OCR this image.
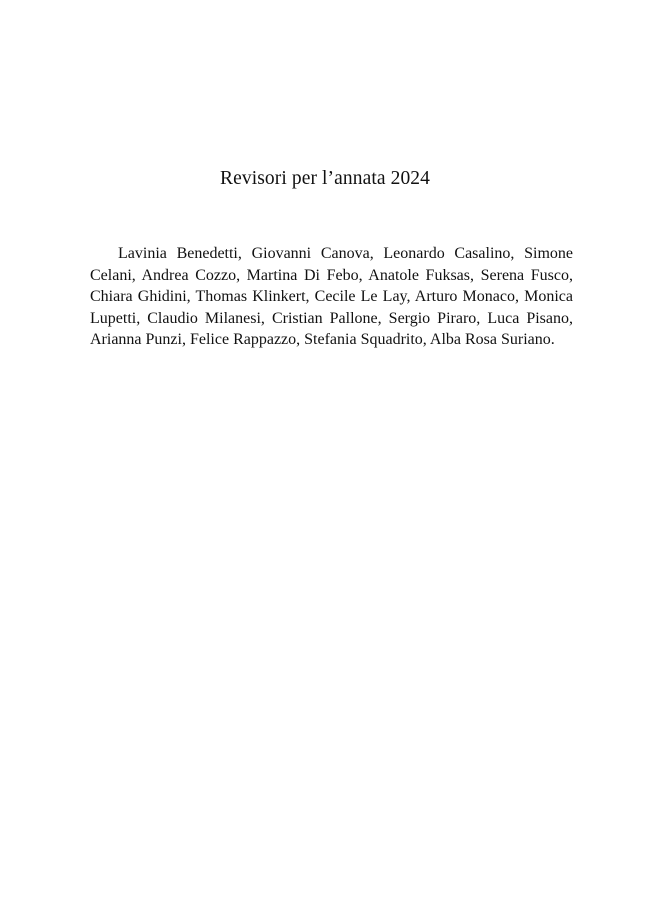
Revisori per l’annata 2024

Lavinia Benedetti, Giovanni Canova, Leonardo Casalino, Simone Celani, Andrea Cozzo, Martina Di Febo, Anatole Fuksas, Serena Fusco, Chiara Ghidini, Thomas Klinkert, Cecile Le Lay, Arturo Monaco, Monica Lupetti, Claudio Milanesi, Cristian Pallone, Sergio Piraro, Luca Pisano, Arianna Punzi, Felice Rappazzo, Stefania Squadrito, Alba Rosa Suriano.
